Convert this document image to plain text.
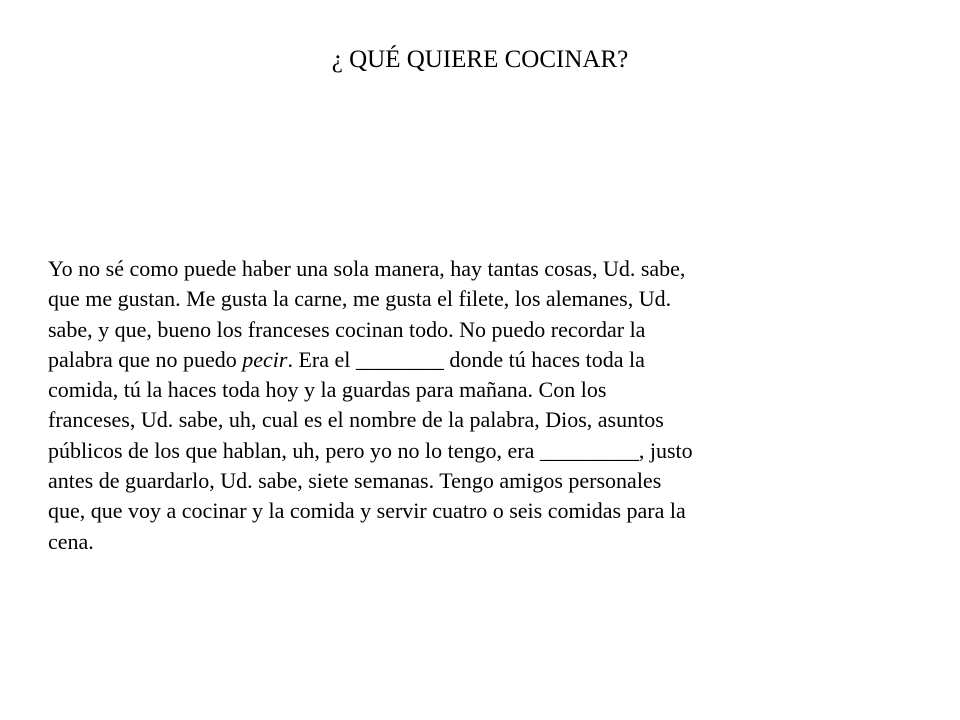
¿ QUÉ QUIERE COCINAR?

Yo no sé como puede haber una sola manera, hay tantas cosas, Ud. sabe,
que me gustan. Me gusta la carne, me gusta el filete, los alemanes, Ud.
sabe, y que, bueno los franceses cocinan todo. No puedo recordar la
palabra que no puedo pecir. Era el ________ donde tú haces toda la
comida, tú la haces toda hoy y la guardas para mañana. Con los
franceses, Ud. sabe, uh, cual es el nombre de la palabra, Dios, asuntos
públicos de los que hablan, uh, pero yo no lo tengo, era _________, justo
antes de guardarlo, Ud. sabe, siete semanas. Tengo amigos personales
que, que voy a cocinar y la comida y servir cuatro o seis comidas para la
cena.
